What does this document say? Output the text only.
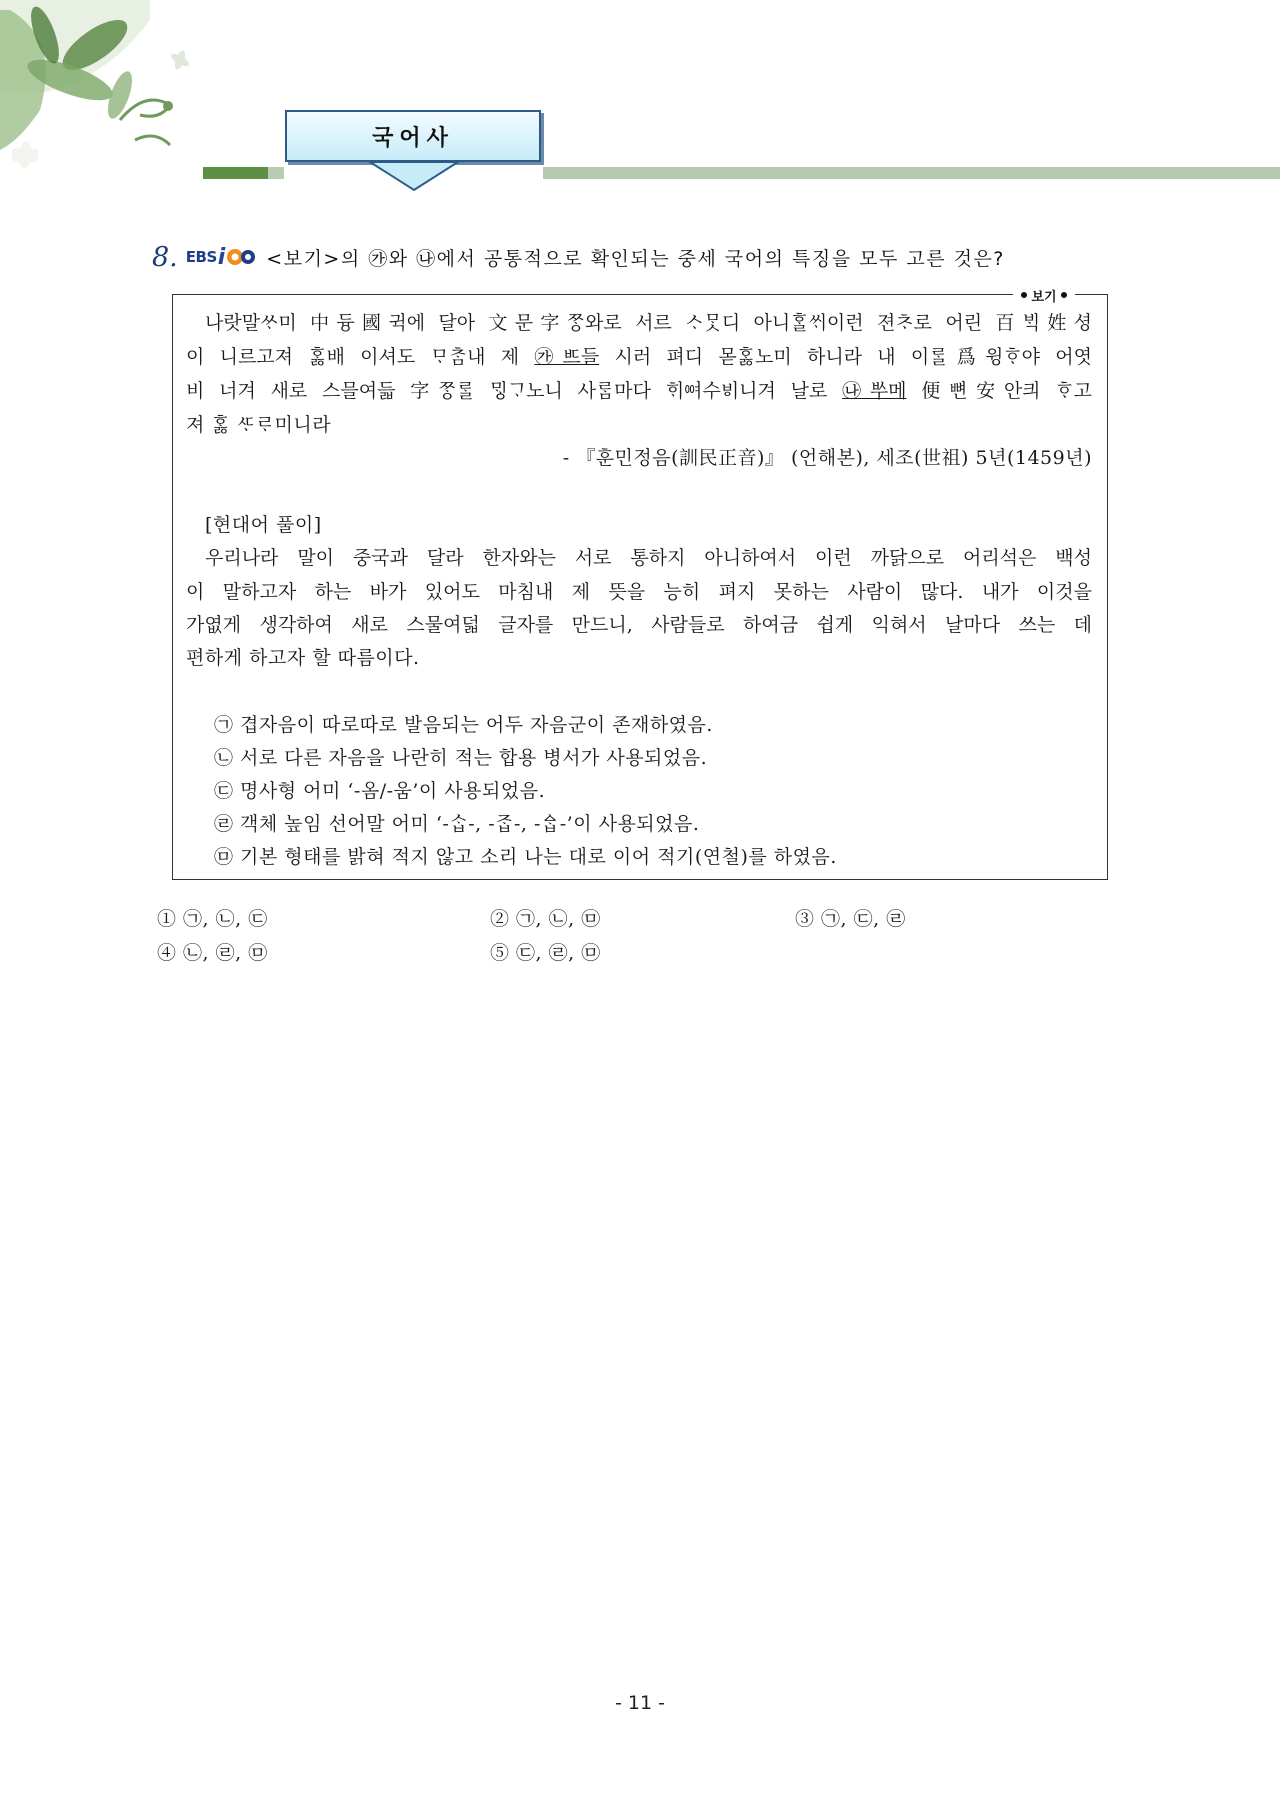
국어사
8. EBS i <보기>의 ㉮와 ㉯에서 공통적으로 확인되는 중세 국어의 특징을 모두 고른 것은?
보기
나랏말ᄊᆞ미 中듕國귁에 달아 文문字ᄍᆞᆼ와로 서르 ᄉᆞᄆᆞᆺ디 아니ᄒᆞᆯᄊᆡ이런 젼ᄎᆞ로 어린 百ᄇᆡᆨ姓셩
이 니르고져 ᄒᆞᇙ배 이셔도 ᄆᆞᄎᆞᆷ내 제 ㉮ᄠᅳ들 시러 펴디 몯ᄒᆞᇙ노미 하니라 내 이ᄅᆞᆯ爲윙ᄒᆞ야 어엿
비 너겨 새로 스믈여듧 字ᄍᆞᆼᄅᆞᆯ ᄆᆡᇰᄀᆞ노니 사ᄅᆞᆷ마다 ᄒᆡᅇᅧ수ᄫᅵ니겨 날로 ㉯ᄡᅮ메 便뼌安안킈 ᄒᆞ고
져 ᄒᆞᇙ ᄯᆞᄅᆞ미니라
- 『훈민정음(訓民正音)』 (언해본), 세조(世祖) 5년(1459년)
[현대어 풀이]
우리나라 말이 중국과 달라 한자와는 서로 통하지 아니하여서 이런 까닭으로 어리석은 백성
이 말하고자 하는 바가 있어도 마침내 제 뜻을 능히 펴지 못하는 사람이 많다. 내가 이것을
가엾게 생각하여 새로 스물여덟 글자를 만드니, 사람들로 하여금 쉽게 익혀서 날마다 쓰는 데
편하게 하고자 할 따름이다.
㉠ 겹자음이 따로따로 발음되는 어두 자음군이 존재하였음.
㉡ 서로 다른 자음을 나란히 적는 합용 병서가 사용되었음.
㉢ 명사형 어미 ‘-옴/-움’이 사용되었음.
㉣ 객체 높임 선어말 어미 ‘-ᄉᆞᆸ-, -ᄌᆞᆸ-, -ᅀᆞᆸ-’이 사용되었음.
㉤ 기본 형태를 밝혀 적지 않고 소리 나는 대로 이어 적기(연철)를 하였음.
① ㉠, ㉡, ㉢	② ㉠, ㉡, ㉤	③ ㉠, ㉢, ㉣
④ ㉡, ㉣, ㉤	⑤ ㉢, ㉣, ㉤
- 11 -
